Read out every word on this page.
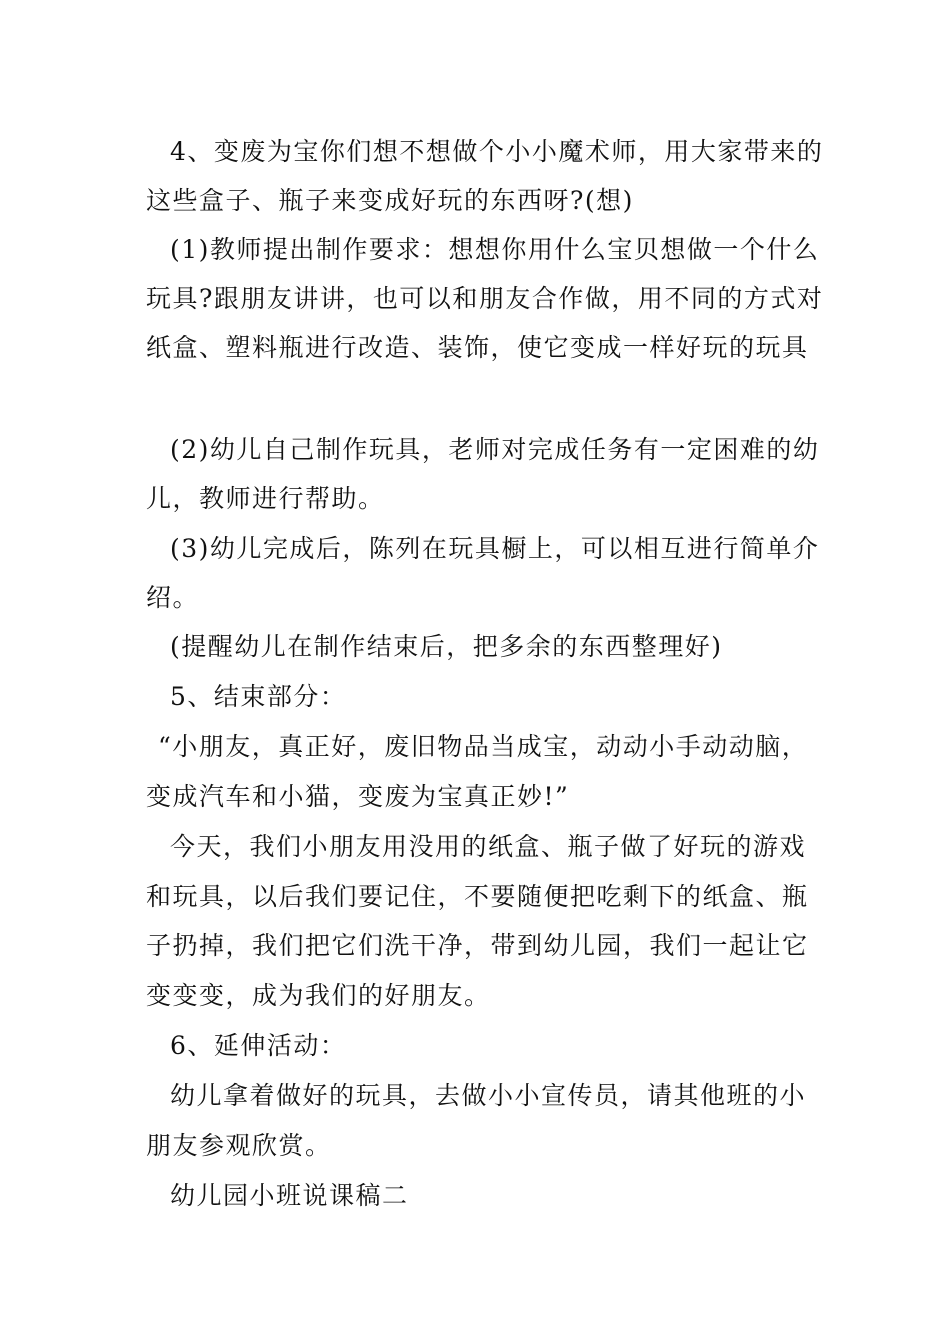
4、变废为宝你们想不想做个小小魔术师，用大家带来的
这些盒子、瓶子来变成好玩的东西呀?(想)
(1)教师提出制作要求：想想你用什么宝贝想做一个什么
玩具?跟朋友讲讲，也可以和朋友合作做，用不同的方式对
纸盒、塑料瓶进行改造、装饰，使它变成一样好玩的玩具
(2)幼儿自己制作玩具，老师对完成任务有一定困难的幼
儿，教师进行帮助。
(3)幼儿完成后，陈列在玩具橱上，可以相互进行简单介
绍。
(提醒幼儿在制作结束后，把多余的东西整理好)
5、结束部分：
“小朋友，真正好，废旧物品当成宝，动动小手动动脑，
变成汽车和小猫，变废为宝真正妙!”
今天，我们小朋友用没用的纸盒、瓶子做了好玩的游戏
和玩具，以后我们要记住，不要随便把吃剩下的纸盒、瓶
子扔掉，我们把它们洗干净，带到幼儿园，我们一起让它
变变变，成为我们的好朋友。
6、延伸活动：
幼儿拿着做好的玩具，去做小小宣传员，请其他班的小
朋友参观欣赏。
幼儿园小班说课稿二
